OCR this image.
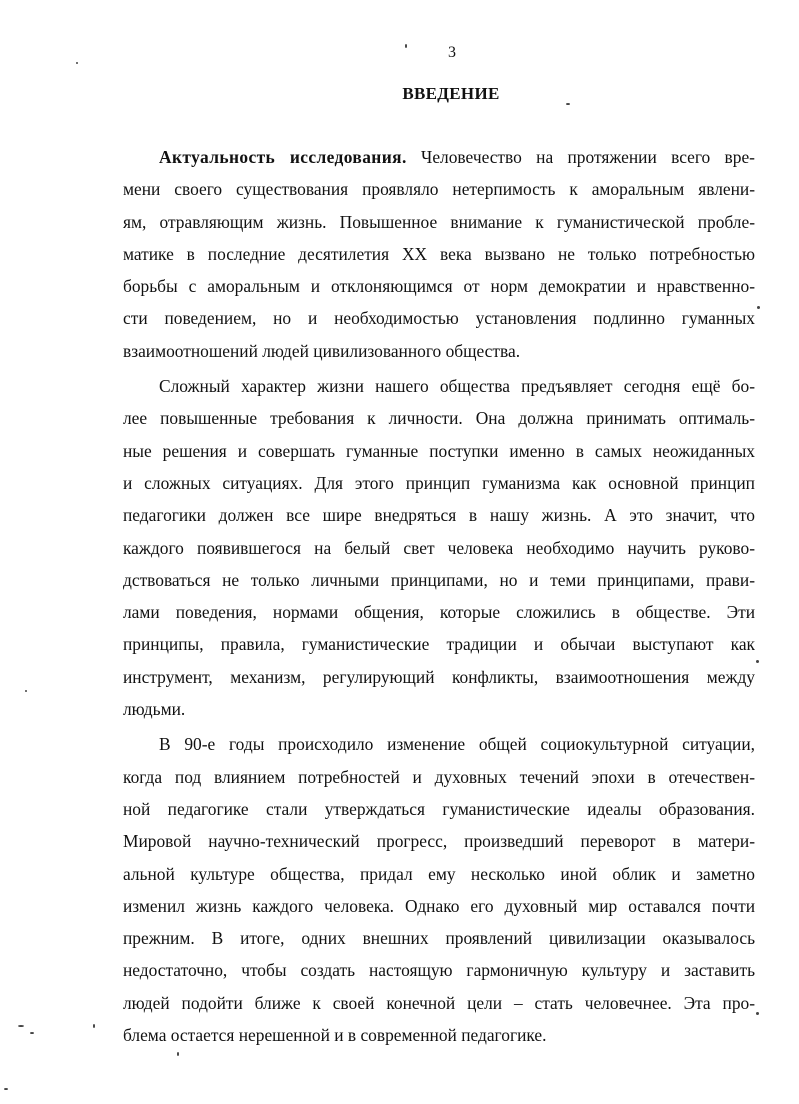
3
ВВЕДЕНИЕ
Актуальность исследования. Человечество на протяжении всего вре-
мени своего существования проявляло нетерпимость к аморальным явлени-
ям, отравляющим жизнь. Повышенное внимание к гуманистической пробле-
матике в последние десятилетия XX века вызвано не только потребностью
борьбы с аморальным и отклоняющимся от норм демократии и нравственно-
сти поведением, но и необходимостью установления подлинно гуманных
взаимоотношений людей цивилизованного общества.
Сложный характер жизни нашего общества предъявляет сегодня ещё бо-
лее повышенные требования к личности. Она должна принимать оптималь-
ные решения и совершать гуманные поступки именно в самых неожиданных
и сложных ситуациях. Для этого принцип гуманизма как основной принцип
педагогики должен все шире внедряться в нашу жизнь. А это значит, что
каждого появившегося на белый свет человека необходимо научить руково-
дствоваться не только личными принципами, но и теми принципами, прави-
лами поведения, нормами общения, которые сложились в обществе. Эти
принципы, правила, гуманистические традиции и обычаи выступают как
инструмент, механизм, регулирующий конфликты, взаимоотношения между
людьми.
В 90-е годы происходило изменение общей социокультурной ситуации,
когда под влиянием потребностей и духовных течений эпохи в отечествен-
ной педагогике стали утверждаться гуманистические идеалы образования.
Мировой научно-технический прогресс, произведший переворот в матери-
альной культуре общества, придал ему несколько иной облик и заметно
изменил жизнь каждого человека. Однако его духовный мир оставался почти
прежним. В итоге, одних внешних проявлений цивилизации оказывалось
недостаточно, чтобы создать настоящую гармоничную культуру и заставить
людей подойти ближе к своей конечной цели – стать человечнее. Эта про-
блема остается нерешенной и в современной педагогике.
